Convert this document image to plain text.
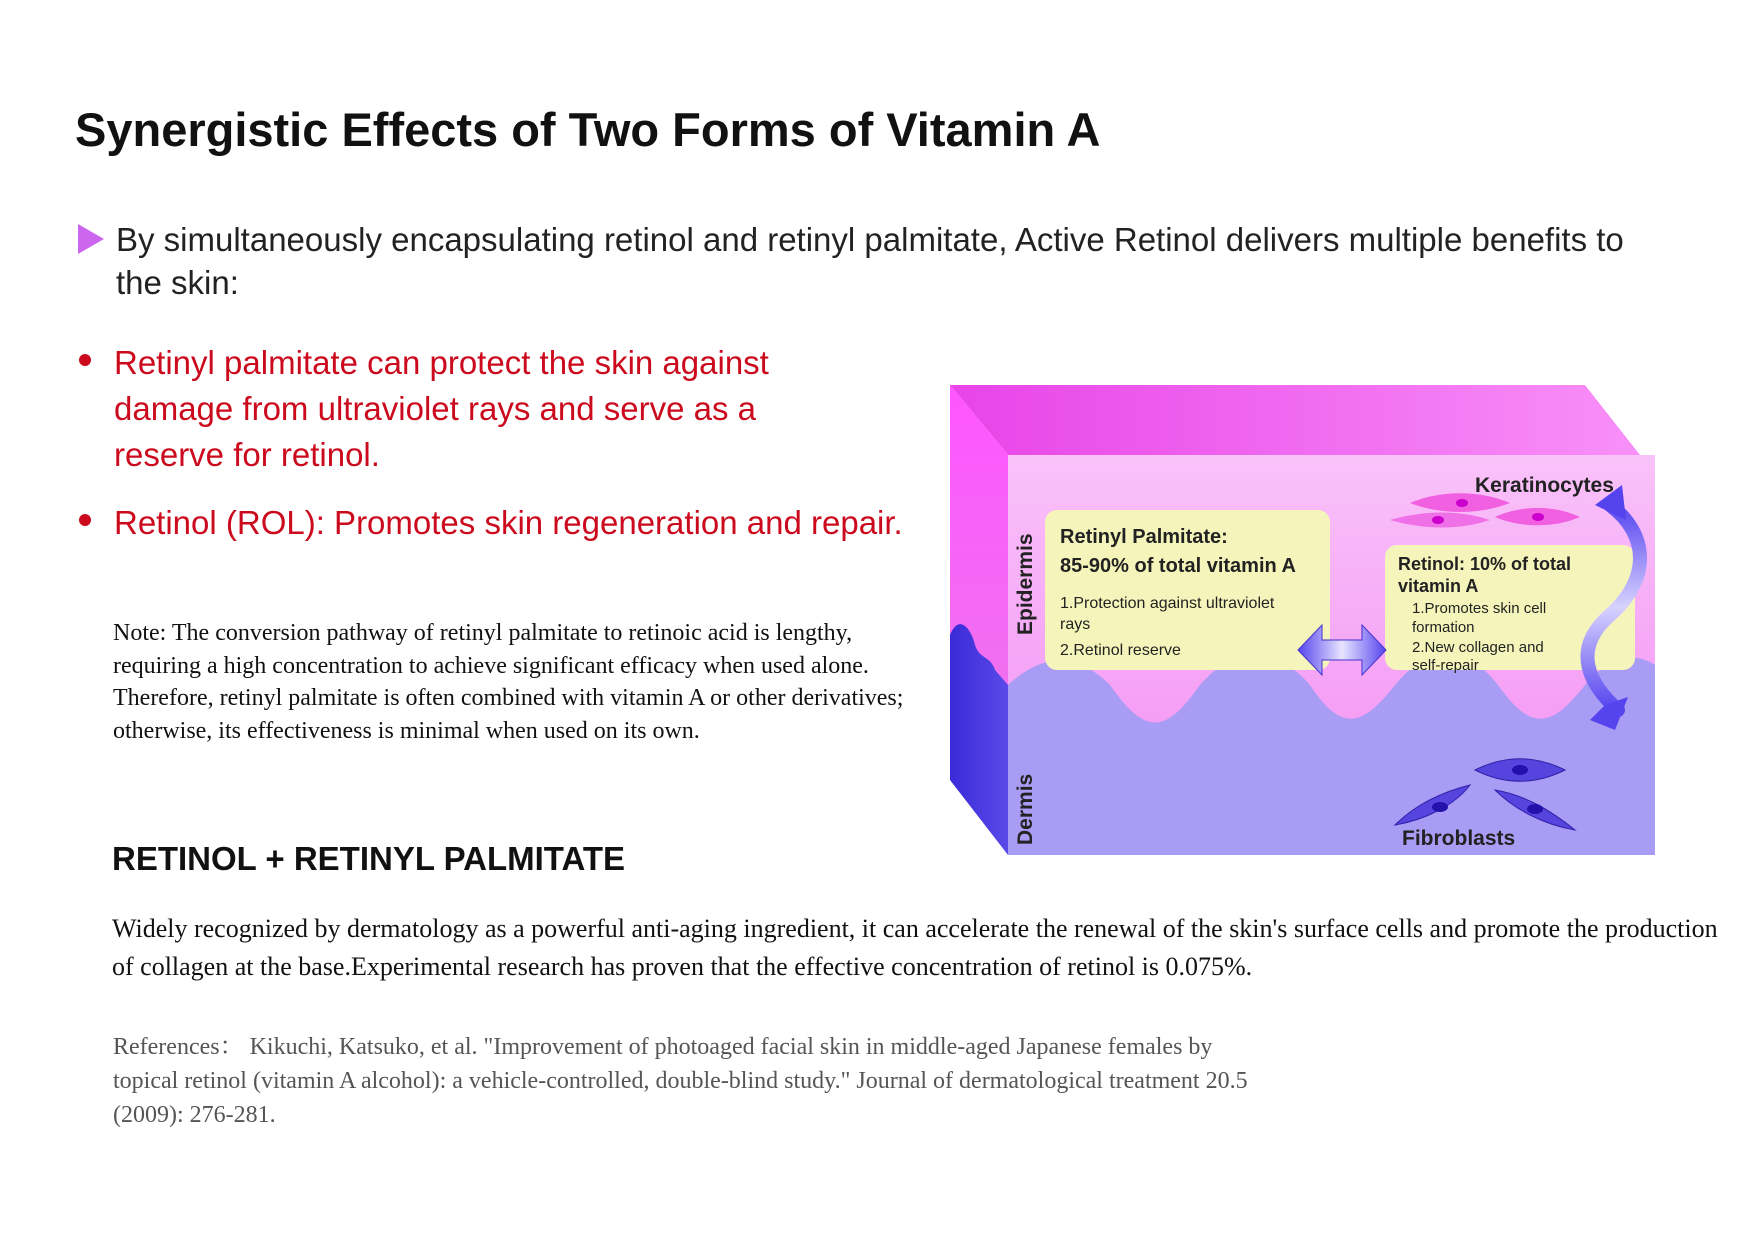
Synergistic Effects of Two Forms of Vitamin A
By simultaneously encapsulating retinol and retinyl palmitate, Active Retinol delivers multiple benefits to the skin:
Retinyl palmitate can protect the skin against damage from ultraviolet rays and serve as a reserve for retinol.
Retinol (ROL): Promotes skin regeneration and repair.
Note: The conversion pathway of retinyl palmitate to retinoic acid is lengthy, requiring a high concentration to achieve significant efficacy when used alone. Therefore, retinyl palmitate is often combined with vitamin A or other derivatives; otherwise, its effectiveness is minimal when used on its own.
RETINOL + RETINYL PALMITATE
Widely recognized by dermatology as a powerful anti-aging ingredient, it can accelerate the renewal of the skin's surface cells and promote the production of collagen at the base.Experimental research has proven that the effective concentration of retinol is 0.075%.
References： Kikuchi, Katsuko, et al. "Improvement of photoaged facial skin in middle-aged Japanese females by topical retinol (vitamin A alcohol): a vehicle-controlled, double-blind study." Journal of dermatological treatment 20.5 (2009): 276-281.
Epidermis
Dermis
Retinyl Palmitate:
85-90% of total vitamin A
1.Protection against ultraviolet
rays
2.Retinol reserve
Retinol: 10% of total
vitamin A
1.Promotes skin cell
formation
2.New collagen and
self-repair
Keratinocytes
Fibroblasts
